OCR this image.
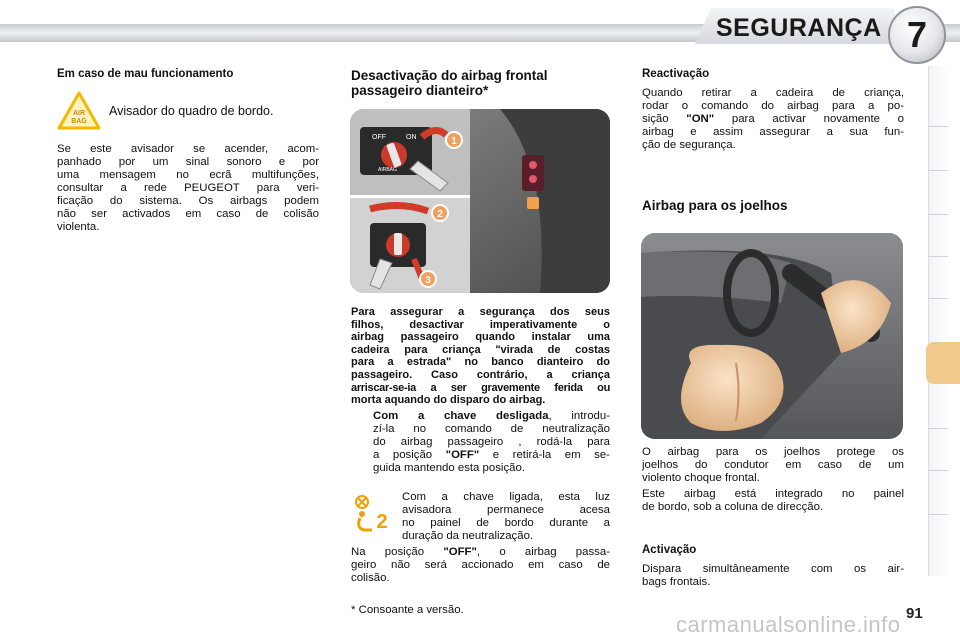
SEGURANÇA 7
Em caso de mau funcionamento
AIR
BAG
Avisador do quadro de bordo.
Se este avisador se acender, acom-
panhado por um sinal sonoro e por
uma mensagem no ecrã multifunções,
consultar a rede PEUGEOT para veri-
ficação do sistema. Os airbags podem
não ser activados em caso de colisão
violenta.
Desactivação do airbag frontal
passageiro dianteiro*
OFF	ON
AIRBAG
1
2
3
Para assegurar a segurança dos seus
filhos, desactivar imperativamente o
airbag passageiro quando instalar uma
cadeira para criança "virada de costas
para a estrada" no banco dianteiro do
passageiro. Caso contrário, a criança
arriscar-se-ia a ser gravemente ferida ou
morta aquando do disparo do airbag.
Com a chave desligada, introdu-
zí-la no comando de neutralização
do airbag passageiro , rodá-la para
a posição "OFF" e retirá-la em se-
guida mantendo esta posição.
2
Com a chave ligada, esta luz
avisadora permanece acesa
no painel de bordo durante a
duração da neutralização.
Na posição "OFF", o airbag passa-
geiro não será accionado em caso de
colisão.
* Consoante a versão.
Reactivação
Quando retirar a cadeira de criança,
rodar o comando do airbag para a po-
sição "ON" para activar novamente o
airbag e assim assegurar a sua fun-
ção de segurança.
Airbag para os joelhos
O airbag para os joelhos protege os
joelhos do condutor em caso de um
violento choque frontal.
Este airbag está integrado no painel
de bordo, sob a coluna de direcção.
Activação
Dispara simultâneamente com os air-
bags frontais.
carmanualsonline.info 91
